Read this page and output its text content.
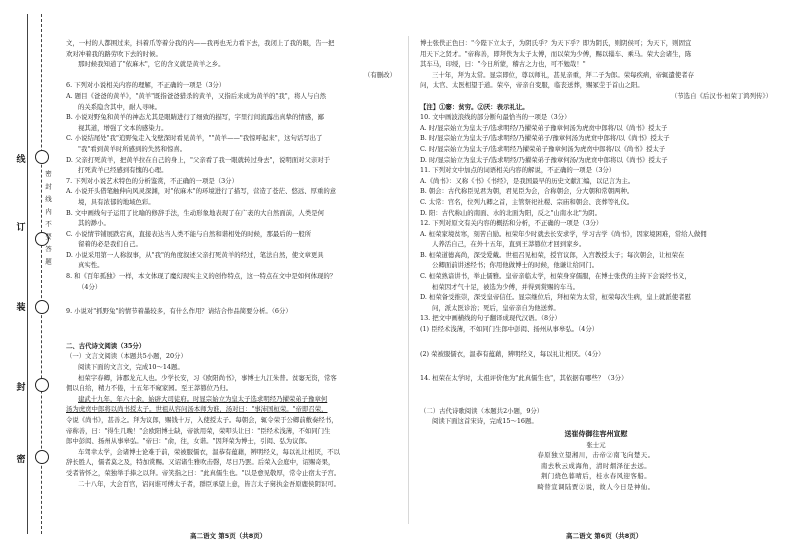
线
订
装
封
密
密 封 线 内 不 要 答 题

文，一村的人都围过来，抖着爪等着分我的内——我再也无力看下去，我闭上了我的眼，告一把

欢对冲着我的路劳吹下去的时候。

那时候我知道了"依麻木"，它的含义就是黄羊之乡。

（有删改）

6. 下列对小说相关内容的理解，不正确的一项是（3分）

A. 题目《爸爸的黄羊》，"黄羊"既指爸爸猎杀的黄羊，又指后来成为黄羊的"我"，将人与自然

的关系隐含其中，耐人寻味。

B. 小说对野兔和黄羊的神态尤其是眼睛进行了细致的描写，字里行间流露出真挚的情感，鄙

视其道，增强了文本的感染力。

C. 小说结尾处"我"追野兔走入戈壁深时看见黄羊，""黄羊——"我惊呼起来"，这句话写出了

"我"看到黄羊时所感到的失然和惊喜。

D. 父亲打死黄羊，把黄羊拉在自己的身上，"父亲看了我一眼就转过身去"，说明面对父亲对于

打死黄羊已经感到有愧的心理。

7. 下列对小说艺术特色的分析鉴赏，不正确的一项是（3分）

A. 小说开头借笔触伸向风灵深渊，对"依麻木"的环境进行了描写，营造了苍茫、悠远、厚重的意

境，具有浓郁的地域色彩。

B. 文中画线句子运用了比喻的修辞手法，生动形象地表现了在广袤的大自然面前，人类是何

其的渺小。

C. 小说情节铺展跌宕真，直接表达当人类不能与自然和谐相处的时候，那最后的一般所

留着的必是我们自己。

D. 小说采用第一人称叙事，从"我"的角度叙述父亲打死黄羊的经过，笔法自然，使文章更具

真实性。

8. 和《百年孤独》一样，本文体现了魔幻现实主义的创作特点，这一特点在文中是如何体现的？

（4分）

9. 小说对"抓野兔"的情节着墨较多，有什么作用？请结合作品简要分析。（6分）

二、古代诗文阅读（35分）

（一）文言文阅读（本题共5小题，20分）

阅读下面的文言文，完成10～14题。

桓荣字春卿，沛郡龙亢人也。少学长安，习《欧阳尚书》，事博士九江朱普。贫窭无资，常客

佣以自给，精力不倦，十五年不窥家园。至王莽篡位乃归。

建武十九年，年六十余，始辟大司徒府。时显宗始立为皇太子选求明经乃擢荣弟子豫章何

汤为虎贲中郎将以尚书授太子。世祖从容问汤本师为谁，汤对曰："事沛国桓荣。"帝即召荣，

令说《尚书》，甚善之。拜为议郎，赐钱十万，入使授太子。每朝会，辄令荣于公卿前敷奏经书，

帝称善，曰："得生几晚！"会欧阳博士缺，帝欲用荣，荣叩头让曰："臣经术浅薄，不如同门生

郎中彭闳、扬州从事皋弘。"帝曰："俞，往，女谐。"因拜荣为博士，引闳、弘为议郎。

车驾幸太学，会诸博士论难于前，荣被服儒衣，温恭有蕴藉，辨明经义，每以礼让相厌，不以

辞长胜人，儒者莫之及，特加赏赐。又诏诸生雅吹击磬，尽日乃罢。后荣入会庭中，诏赐奇果，

受者皆怀之，荣独举手捧之以拜。帝笑指之曰："此真儒生也。"以是愈见敬厚，常令止宿太子宫。

二十八年，大会百官，诏问谁可傅太子者，群臣承望上意，皆言太子舅执金吾原鹿侯阴识可。

高二语文 第5页（共8页）

博士张佚正色曰："今陛下立太子，为阴氏乎？为天下乎？即为阴氏，则阴侯可；为天下，则固宜

用天下之贤才。"帝称善，即拜佚为太子太傅，而以荣为少傅，赐以辎车、乘马。荣大会诸生，陈

其车马，印绶，曰："今日所蒙，稽古之力也，可不勉哉！"

三十年，拜为太常。显宗即位，尊以师礼，甚见亲重，拜二子为郎。荣每疾病，帝辄遣使者存

问，太官、太医相望于道。荣卒，帝亲自变服，临丧送葬，赐冢茔于首山之阳。

（节选自《后汉书·桓荣丁鸿列传》）

【注】①窭：贫穷。②厌：表示礼让。

10. 文中画波浪线的部分断句最恰当的一项是（3分）

A. 时/显宗始立为皇太子/选求明经/乃擢荣弟子豫章何汤为虎贲中郎将/以《尚书》授太子

B. 时/显宗始立为皇太子/选求明经/乃擢荣弟子/豫章何汤为虎贲中郎将/以《尚书》授太子

C. 时/显宗始立为皇太子/选求明经乃擢荣弟子豫章何汤为虎贲中郎将/以《尚书》授太子

D. 时/显宗始立为皇太子/选求明经/乃擢荣弟子豫章何汤/为虎贲中郎将以《尚书》授太子

11. 下列对文中加点的词语相关内容的解说，不正确的一项是（3分）

A.《尚书》：又称《书》《书经》，是我国最早的历史文献汇编，以记言为主。

B. 朝会：古代称臣见君为朝，君见臣为会，合称朝会，分大朝和常朝两种。

C. 太常：官名，位列九卿之首，主管祭祀社稷、宗庙和朝会、丧葬等礼仪。

D. 阳：古代称山的南面、水的北面为阳，反之"山南水北"为阴。

12. 下列对原文有关内容的概括和分析，不正确的一项是（3分）

A. 桓荣家境贫寒，刻苦自励。桓荣年少时就去长安求学，学习古学《尚书》，因家境困难，常给人做佣

人养活自己，在外十五年，直到王莽篡位才回到家乡。

B. 桓荣道德高尚，深受爱戴。世祖召见桓荣，授官议郎，入宫教授太子；每次朝会，让桓荣在

公卿面前讲述经书；你用他做博士的时候，他谦让给同门。

C. 桓荣熟谙讲书，举止儒雅。皇帝亲临太学，桓荣身穿儒服，在博士张佚的主持下会说经书义，

桓荣因才气十足，被选为少傅，并得到赏赐的车马。

D. 桓荣备受推崇，深受皇帝信任。显宗继位后，拜桓荣为太常，桓荣每次生病，皇上就派使者慰

问，派太医诊治；死后，皇帝亲自为他送葬。

13. 把文中画横线的句子翻译成现代汉语。（8分）

(1) 臣经术浅薄，不如同门生郎中彭闳、扬州从事皋弘。（4分）

(2) 荣被服儒衣，温恭有蕴藉，辨明经义，每以礼让相厌。（4分）

14. 桓荣在太学时，太祖评价他为"此真儒生也"，其依据有哪些？（3分）

（二）古代诗歌阅读（本题共2小题，9分）

阅读下面这首宋诗，完成15～16题。

送崔侍御往容州宣慰

张士元

春原独立望湘川，击帝②南飞向楚天。

南去秋云成海角，清时烟泽征去远。

荆门烧色暮晴后，桂水春风迎客船。

畸替宣调陆贾②说，故人今日是神仙。

高二语文 第6页（共8页）
